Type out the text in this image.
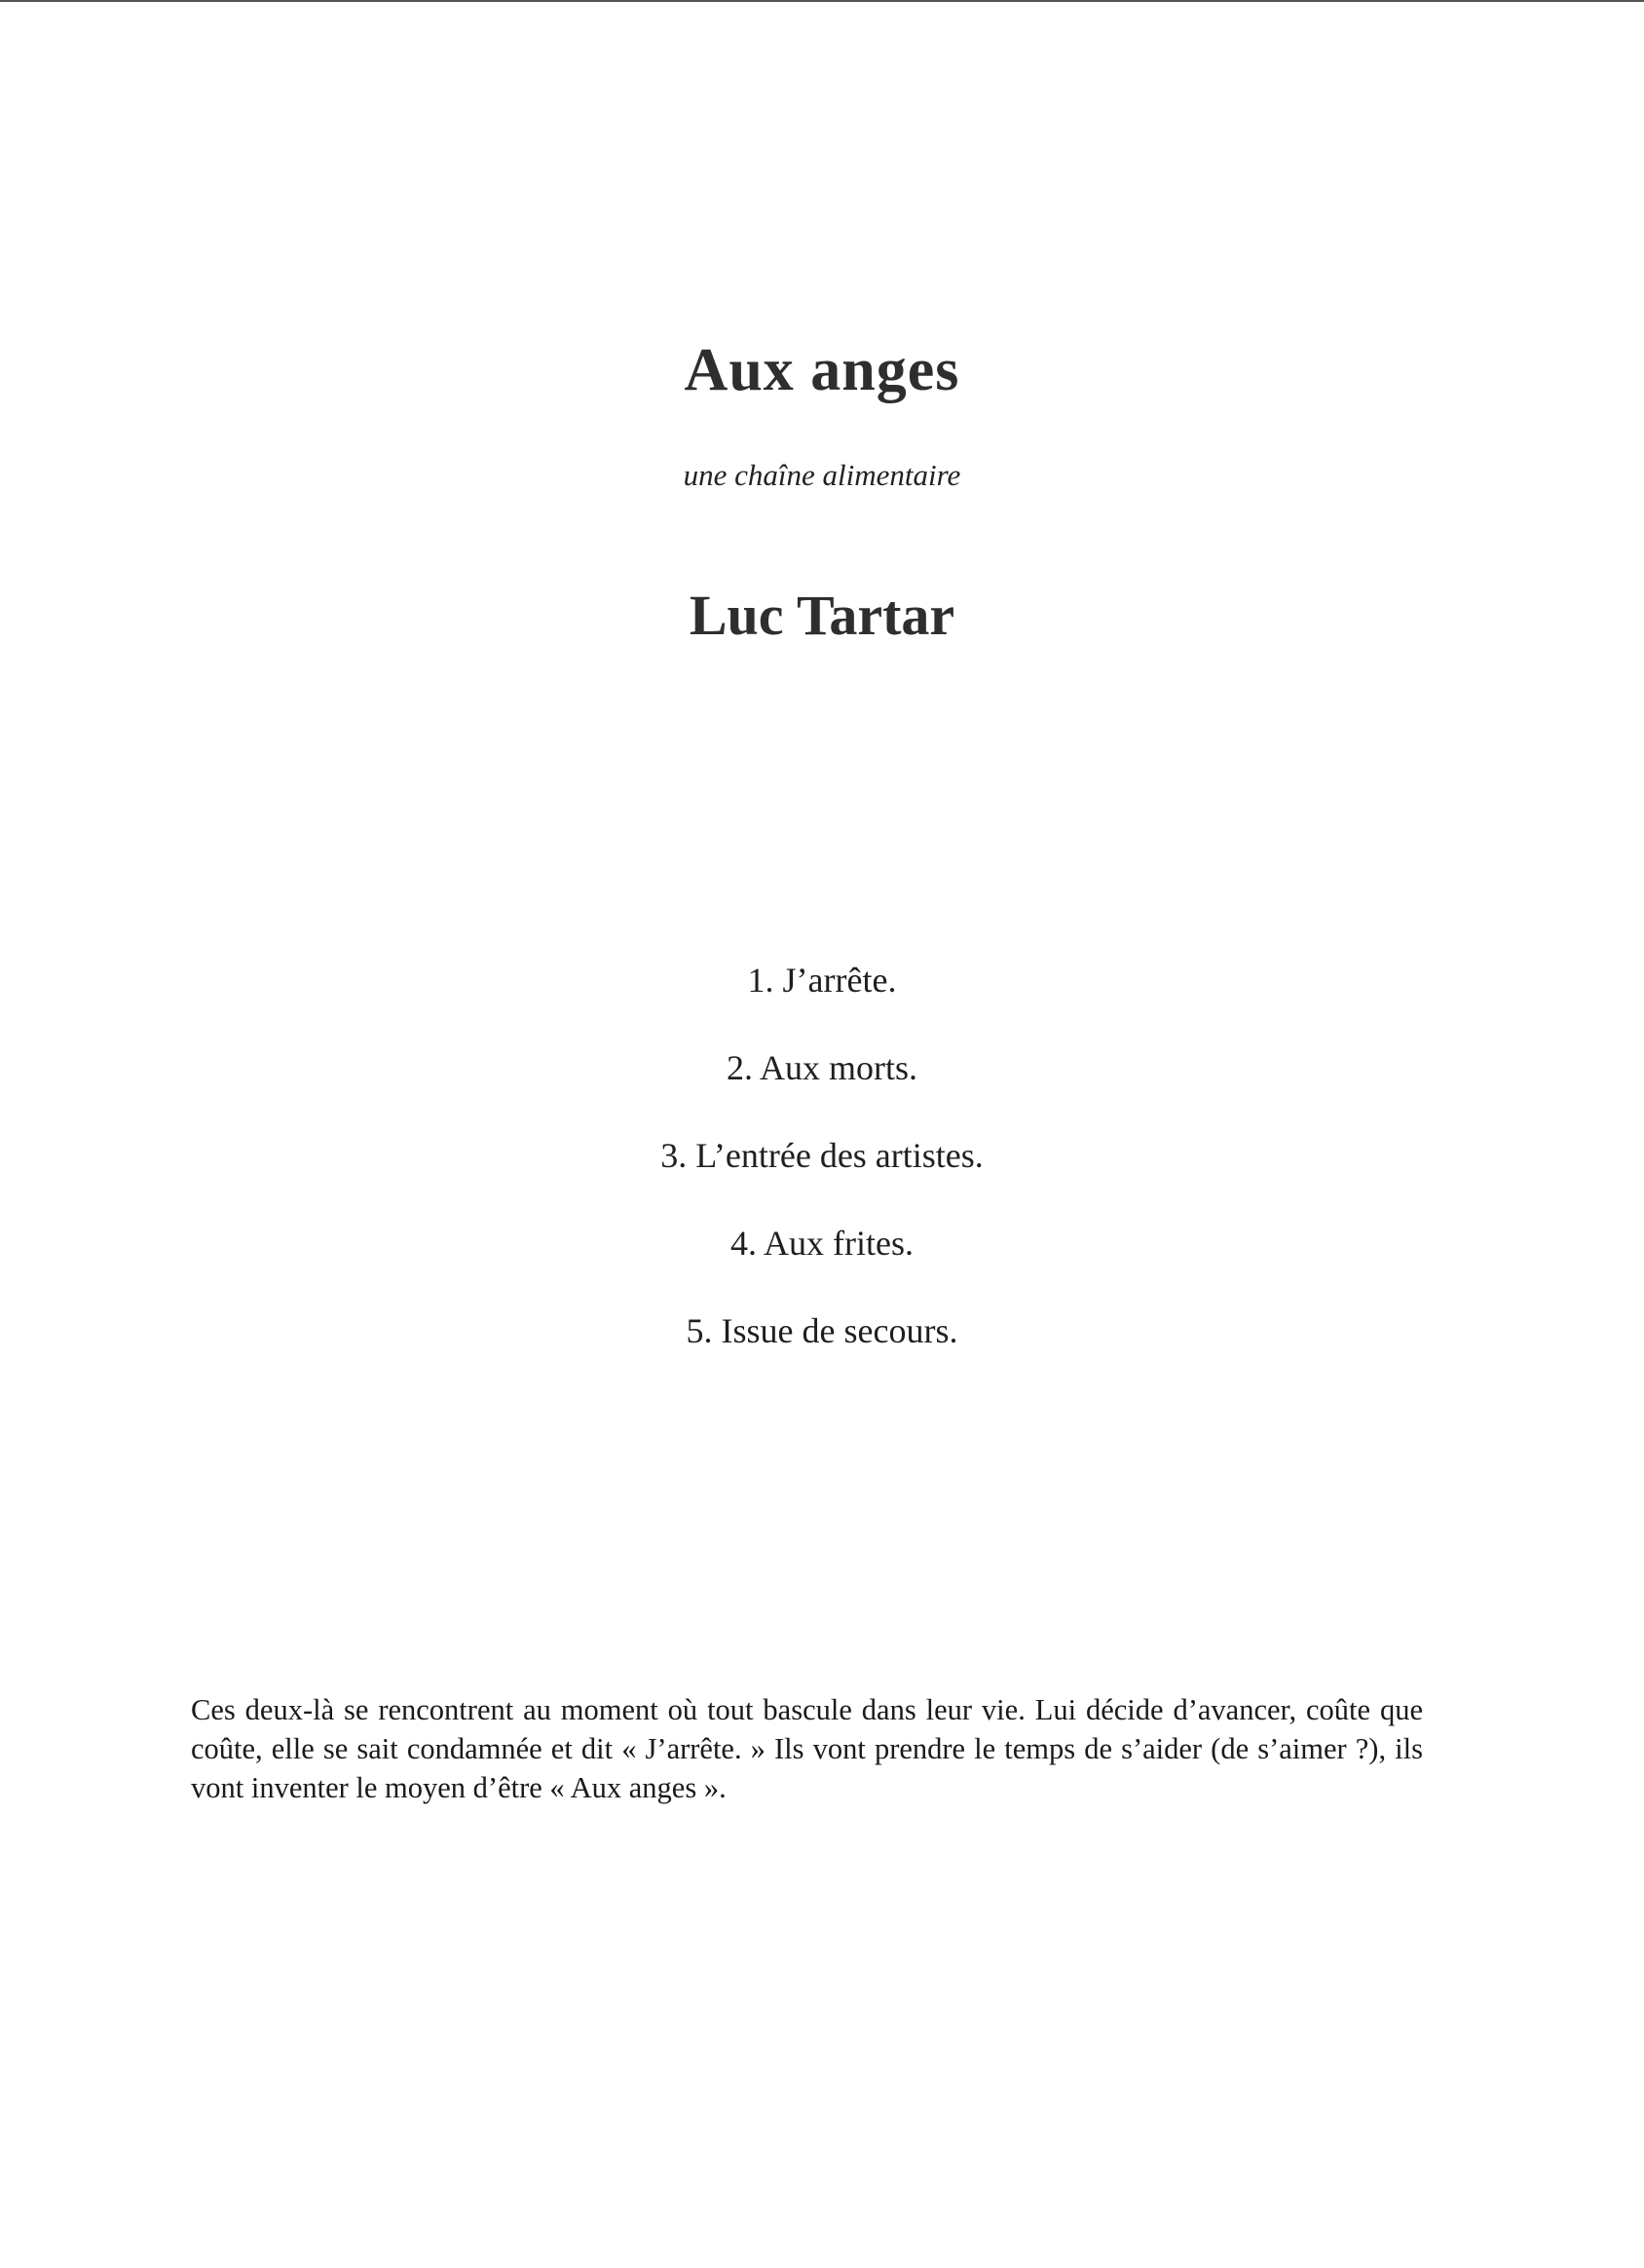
Aux anges

une chaîne alimentaire

Luc Tartar
1. J’arrête.
2. Aux morts.
3. L’entrée des artistes.
4. Aux frites.
5. Issue de secours.

Ces deux-là se rencontrent au moment où tout bascule dans leur vie. Lui décide d’avancer, coûte que coûte, elle se sait condamnée et dit « J’arrête. » Ils vont prendre le temps de s’aider (de s’aimer ?), ils vont inventer le moyen d’être « Aux anges ».
